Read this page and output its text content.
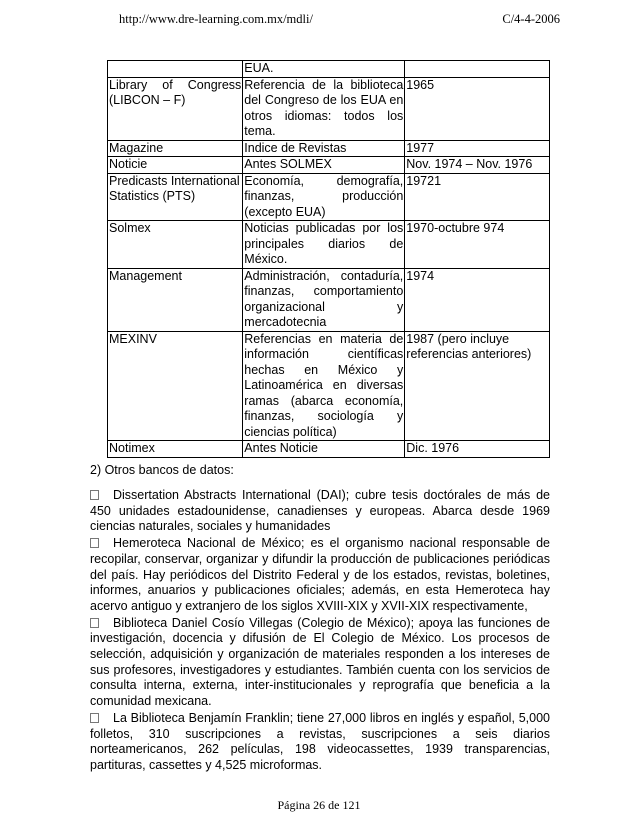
http://www.dre-learning.com.mx/mdli/	C/4-4-2006
	EUA.	
Library of Congress (LIBCON – F)	Referencia de la biblioteca del Congreso de los EUA en otros idiomas: todos los tema.	1965
Magazine	Indice de Revistas	1977
Noticie	Antes SOLMEX	Nov. 1974 – Nov. 1976
Predicasts International Statistics (PTS)	Economía, demografía, finanzas, producción (excepto EUA)	19721
Solmex	Noticias publicadas por los principales diarios de México.	1970-octubre 974
Management	Administración, contaduría, finanzas, comportamiento organizacional y mercadotecnia	1974
MEXINV	Referencias en materia de información científicas hechas en México y Latinoamérica en diversas ramas (abarca economía, finanzas, sociología y ciencias política)	1987 (pero incluye referencias anteriores)
Notimex	Antes Noticie	Dic. 1976
2) Otros bancos de datos:
Dissertation Abstracts International (DAI); cubre tesis doctórales de más de 450 unidades estadounidense, canadienses y europeas. Abarca desde 1969 ciencias naturales, sociales y humanidades
Hemeroteca Nacional de México; es el organismo nacional responsable de recopilar, conservar, organizar y difundir la producción de publicaciones periódicas del país. Hay periódicos del Distrito Federal y de los estados, revistas, boletines, informes, anuarios y publicaciones oficiales; además, en esta Hemeroteca hay acervo antiguo y extranjero de los siglos XVIII-XIX y XVII-XIX respectivamente,
Biblioteca Daniel Cosío Villegas (Colegio de México); apoya las funciones de investigación, docencia y difusión de El Colegio de México. Los procesos de selección, adquisición y organización de materiales responden a los intereses de sus profesores, investigadores y estudiantes. También cuenta con los servicios de consulta interna, externa, inter-institucionales y reprografía que beneficia a la comunidad mexicana.
La Biblioteca Benjamín Franklin; tiene 27,000 libros en inglés y español, 5,000 folletos, 310 suscripciones a revistas, suscripciones a seis diarios norteamericanos, 262 películas, 198 videocassettes, 1939 transparencias, partituras, cassettes y 4,525 microformas.
Página 26 de 121
